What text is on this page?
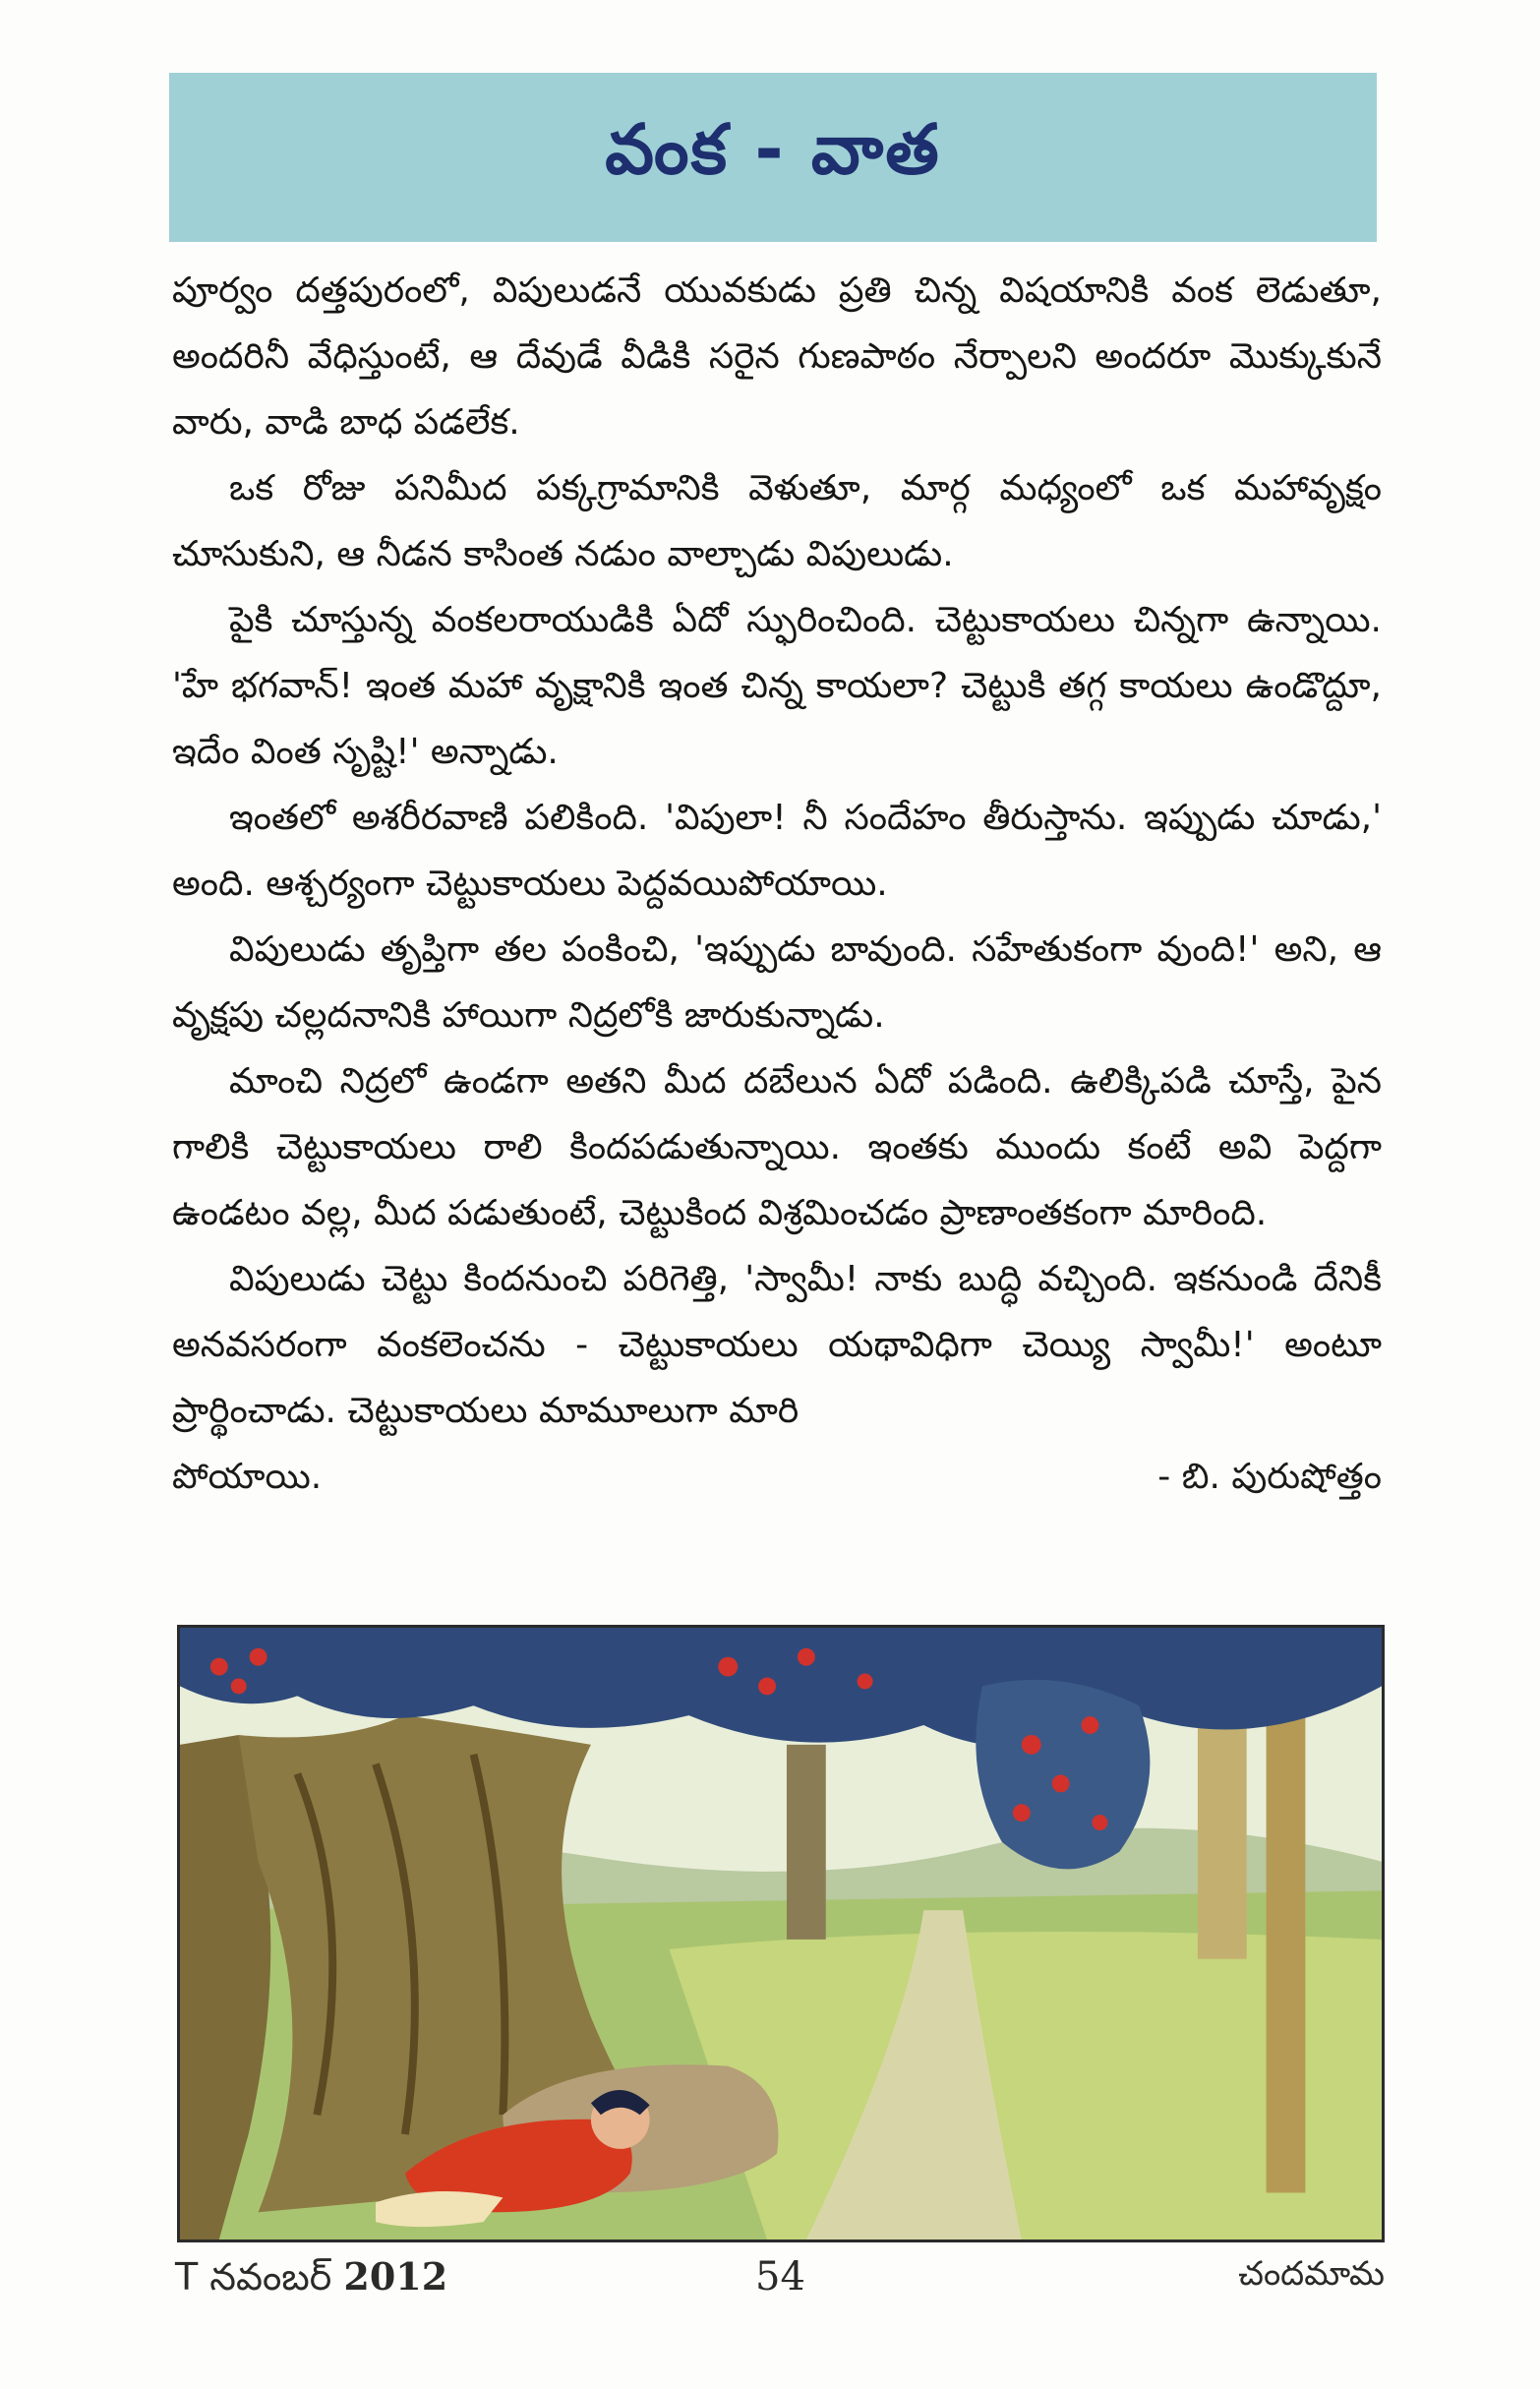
వంక - వాత

పూర్వం దత్తపురంలో, విపులుడనే యువకుడు ప్రతి చిన్న విషయానికి వంక లెడుతూ, అందరినీ వేధిస్తుంటే, ఆ దేవుడే వీడికి సరైన గుణపాఠం నేర్పాలని అందరూ మొక్కుకునే వారు, వాడి బాధ పడలేక.

ఒక రోజు పనిమీద పక్కగ్రామానికి వెళుతూ, మార్గ మధ్యంలో ఒక మహావృక్షం చూసుకుని, ఆ నీడన కాసింత నడుం వాల్చాడు విపులుడు.

పైకి చూస్తున్న వంకలరాయుడికి ఏదో స్ఫురించింది. చెట్టుకాయలు చిన్నగా ఉన్నాయి. 'హే భగవాన్! ఇంత మహా వృక్షానికి ఇంత చిన్న కాయలా? చెట్టుకి తగ్గ కాయలు ఉండొద్దూ, ఇదేం వింత సృష్టి!' అన్నాడు.

ఇంతలో అశరీరవాణి పలికింది. 'విపులా! నీ సందేహం తీరుస్తాను. ఇప్పుడు చూడు,' అంది. ఆశ్చర్యంగా చెట్టుకాయలు పెద్దవయిపోయాయి.

విపులుడు తృప్తిగా తల పంకించి, 'ఇప్పుడు బావుంది. సహేతుకంగా వుంది!' అని, ఆ వృక్షపు చల్లదనానికి హాయిగా నిద్రలోకి జారుకున్నాడు.

మాంచి నిద్రలో ఉండగా అతని మీద దబేలున ఏదో పడింది. ఉలిక్కిపడి చూస్తే, పైన గాలికి చెట్టుకాయలు రాలి కిందపడుతున్నాయి. ఇంతకు ముందు కంటే అవి పెద్దగా ఉండటం వల్ల, మీద పడుతుంటే, చెట్టుకింద విశ్రమించడం ప్రాణాంతకంగా మారింది.

విపులుడు చెట్టు కిందనుంచి పరిగెత్తి, 'స్వామీ! నాకు బుద్ధి వచ్చింది. ఇకనుండి దేనికీ అనవసరంగా వంకలెంచను - చెట్టుకాయలు యథావిధిగా చెయ్యి స్వామీ!' అంటూ ప్రార్థించాడు. చెట్టుకాయలు మామూలుగా మారి

పోయాయి.	- బి. పురుషోత్తం
T నవంబర్ 2012	54	చందమామ
